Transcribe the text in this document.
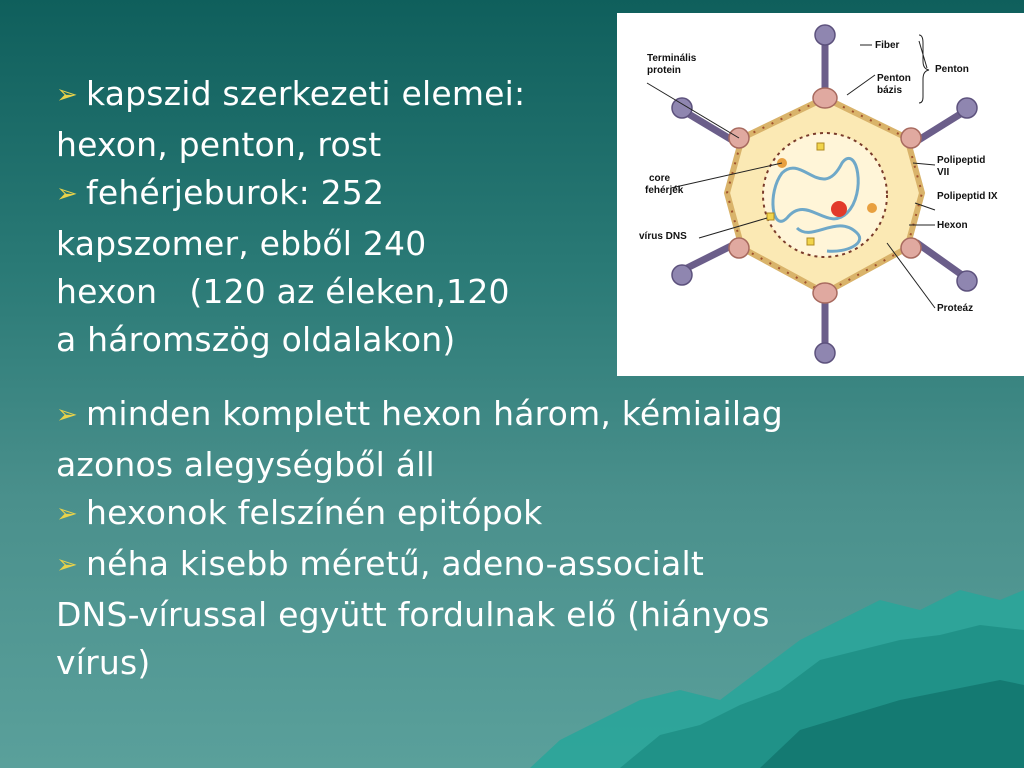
➢ kapszid szerkezeti elemei:

hexon, penton, rost

➢ fehérjeburok: 252

kapszomer, ebből 240

hexon   (120 az éleken,120

a háromszög oldalakon)

Terminális
protein
Fiber
Penton
Penton
bázis
core
fehérjék
vírus DNS
Polipeptid
VII
Polipeptid IX
Hexon
Proteáz

➢ minden komplett hexon három, kémiailag

azonos alegységből áll

➢ hexonok felszínén epitópok

➢ néha kisebb méretű, adeno-associalt

DNS-vírussal együtt fordulnak elő (hiányos

vírus)
